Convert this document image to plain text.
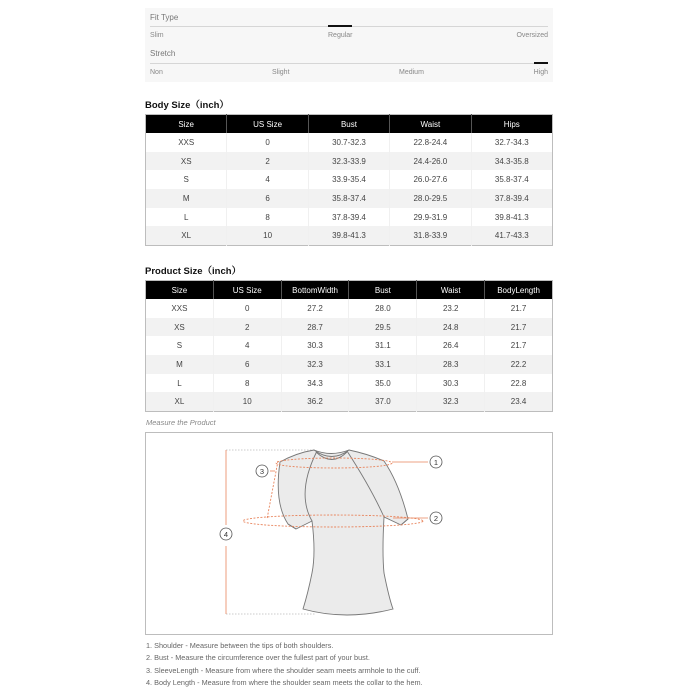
Fit Type
Slim	Regular	Oversized
Stretch
Non	Slight	Medium	High
Body Size（inch）
Size	US Size	Bust	Waist	Hips
XXS	0	30.7-32.3	22.8-24.4	32.7-34.3
XS	2	32.3-33.9	24.4-26.0	34.3-35.8
S	4	33.9-35.4	26.0-27.6	35.8-37.4
M	6	35.8-37.4	28.0-29.5	37.8-39.4
L	8	37.8-39.4	29.9-31.9	39.8-41.3
XL	10	39.8-41.3	31.8-33.9	41.7-43.3
Product Size（inch）
Size	US Size	BottomWidth	Bust	Waist	BodyLength
XXS	0	27.2	28.0	23.2	21.7
XS	2	28.7	29.5	24.8	21.7
S	4	30.3	31.1	26.4	21.7
M	6	32.3	33.1	28.3	22.2
L	8	34.3	35.0	30.3	22.8
XL	10	36.2	37.0	32.3	23.4
Measure the Product
1
2
3
4
1. Shoulder - Measure between the tips of both shoulders.
2. Bust - Measure the circumference over the fullest part of your bust.
3. SleeveLength - Measure from where the shoulder seam meets armhole to the cuff.
4. Body Length - Measure from where the shoulder seam meets the collar to the hem.
